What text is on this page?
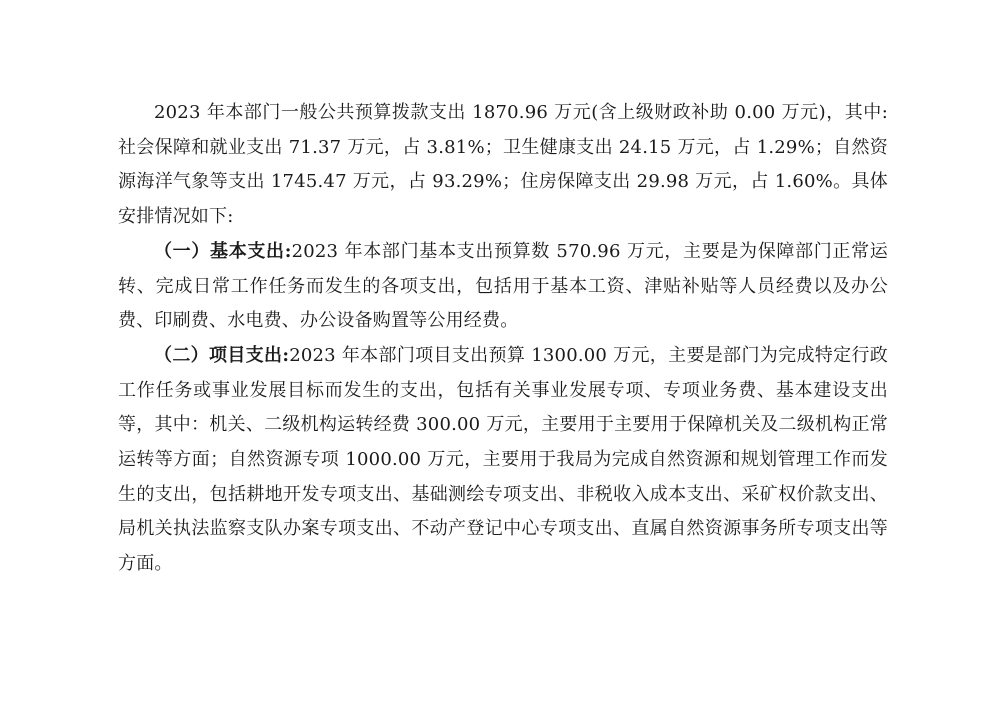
2023 年本部门一般公共预算拨款支出 1870.96 万元(含上级财政补助 0.00 万元)，其中:社会保障和就业支出 71.37 万元，占 3.81%；卫生健康支出 24.15 万元，占 1.29%；自然资源海洋气象等支出 1745.47 万元，占 93.29%；住房保障支出 29.98 万元，占 1.60%。具体安排情况如下:

（一）基本支出:2023 年本部门基本支出预算数 570.96 万元，主要是为保障部门正常运转、完成日常工作任务而发生的各项支出，包括用于基本工资、津贴补贴等人员经费以及办公费、印刷费、水电费、办公设备购置等公用经费。

（二）项目支出:2023 年本部门项目支出预算 1300.00 万元，主要是部门为完成特定行政工作任务或事业发展目标而发生的支出，包括有关事业发展专项、专项业务费、基本建设支出等，其中：机关、二级机构运转经费 300.00 万元，主要用于主要用于保障机关及二级机构正常运转等方面；自然资源专项 1000.00 万元，主要用于我局为完成自然资源和规划管理工作而发生的支出，包括耕地开发专项支出、基础测绘专项支出、非税收入成本支出、采矿权价款支出、局机关执法监察支队办案专项支出、不动产登记中心专项支出、直属自然资源事务所专项支出等方面。
